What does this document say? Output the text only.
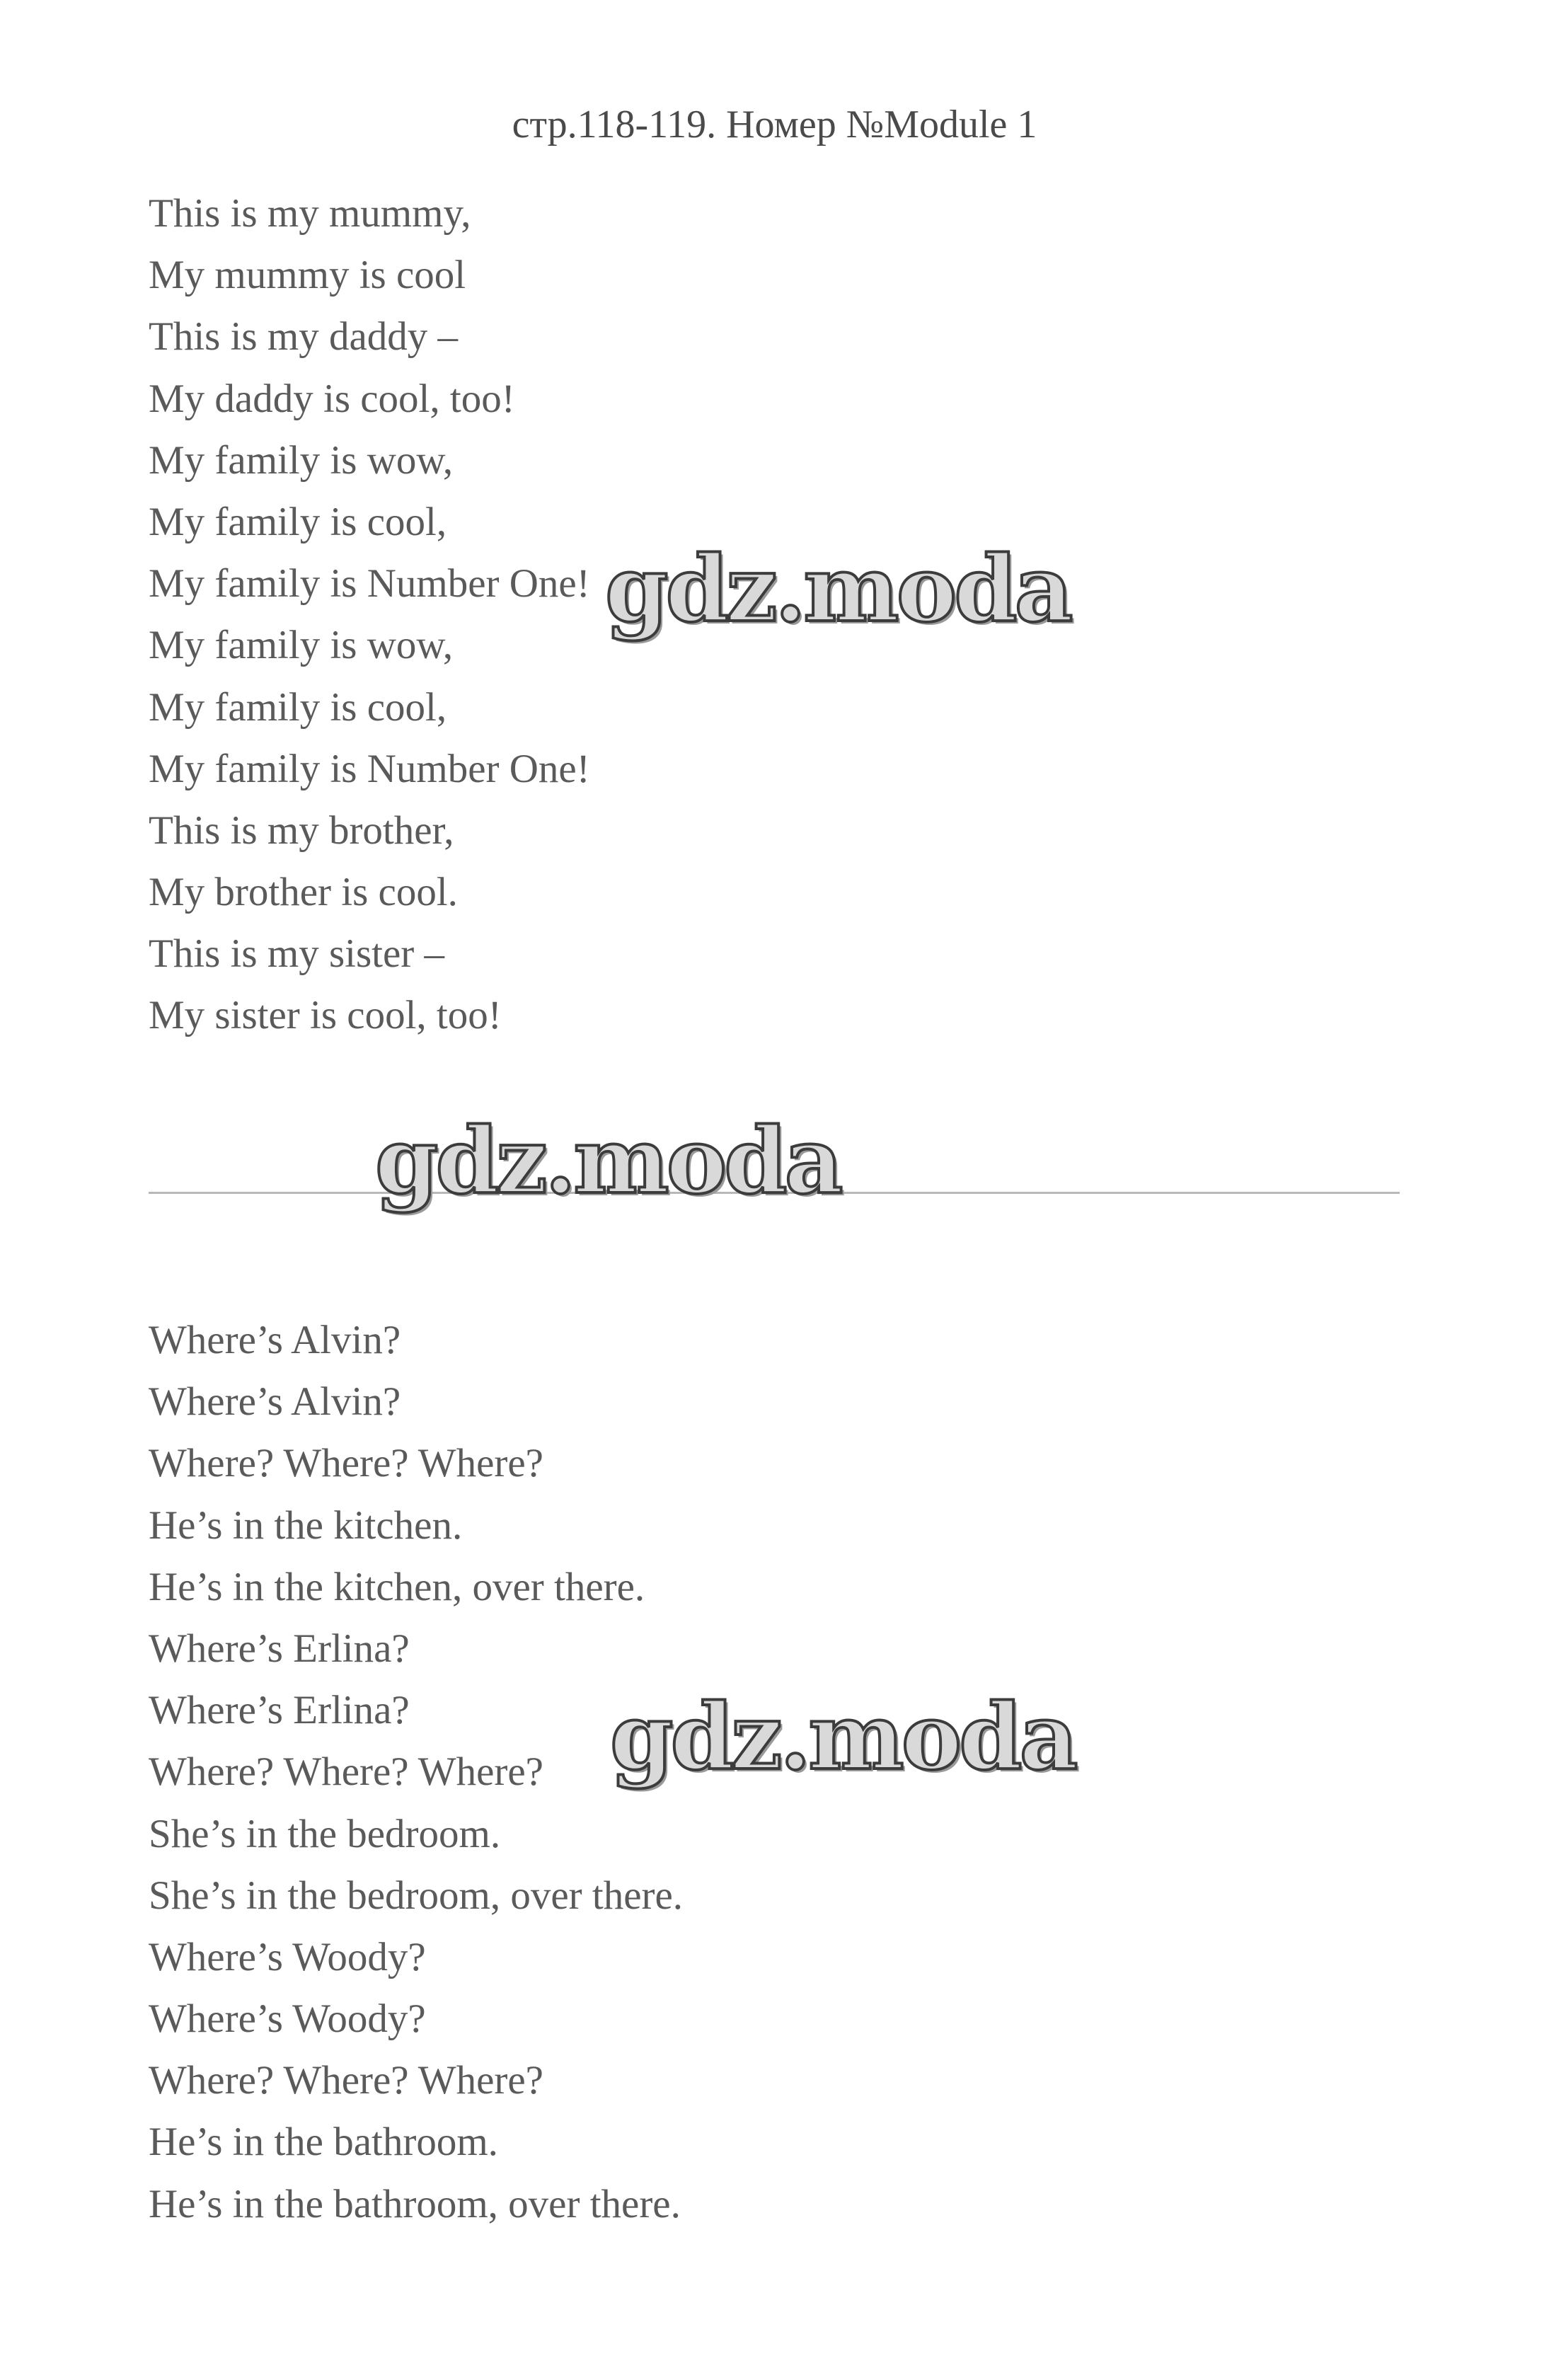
стр.118-119. Номер №Module 1
This is my mummy,
My mummy is cool
This is my daddy –
My daddy is cool, too!
My family is wow,
My family is cool,
My family is Number One!
My family is wow,
My family is cool,
My family is Number One!
This is my brother,
My brother is cool.
This is my sister –
My sister is cool, too!
Where’s Alvin?
Where’s Alvin?
Where? Where? Where?
He’s in the kitchen.
He’s in the kitchen, over there.
Where’s Erlina?
Where’s Erlina?
Where? Where? Where?
She’s in the bedroom.
She’s in the bedroom, over there.
Where’s Woody?
Where’s Woody?
Where? Where? Where?
He’s in the bathroom.
He’s in the bathroom, over there.
gdz.moda
gdz.moda
gdz.moda
